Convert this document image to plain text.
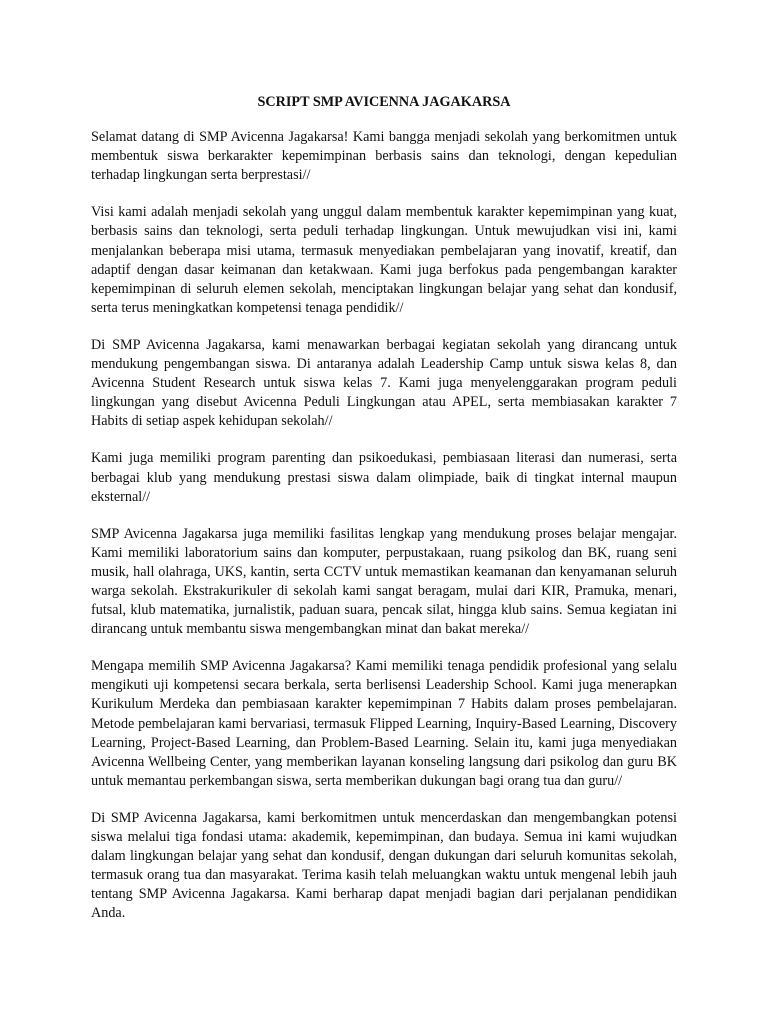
SCRIPT SMP AVICENNA JAGAKARSA

Selamat datang di SMP Avicenna Jagakarsa! Kami bangga menjadi sekolah yang berkomitmen untuk membentuk siswa berkarakter kepemimpinan berbasis sains dan teknologi, dengan kepedulian terhadap lingkungan serta berprestasi//

Visi kami adalah menjadi sekolah yang unggul dalam membentuk karakter kepemimpinan yang kuat, berbasis sains dan teknologi, serta peduli terhadap lingkungan. Untuk mewujudkan visi ini, kami menjalankan beberapa misi utama, termasuk menyediakan pembelajaran yang inovatif, kreatif, dan adaptif dengan dasar keimanan dan ketakwaan. Kami juga berfokus pada pengembangan karakter kepemimpinan di seluruh elemen sekolah, menciptakan lingkungan belajar yang sehat dan kondusif, serta terus meningkatkan kompetensi tenaga pendidik//

Di SMP Avicenna Jagakarsa, kami menawarkan berbagai kegiatan sekolah yang dirancang untuk mendukung pengembangan siswa. Di antaranya adalah Leadership Camp untuk siswa kelas 8, dan Avicenna Student Research untuk siswa kelas 7. Kami juga menyelenggarakan program peduli lingkungan yang disebut Avicenna Peduli Lingkungan atau APEL, serta membiasakan karakter 7 Habits di setiap aspek kehidupan sekolah//

Kami juga memiliki program parenting dan psikoedukasi, pembiasaan literasi dan numerasi, serta berbagai klub yang mendukung prestasi siswa dalam olimpiade, baik di tingkat internal maupun eksternal//

SMP Avicenna Jagakarsa juga memiliki fasilitas lengkap yang mendukung proses belajar mengajar. Kami memiliki laboratorium sains dan komputer, perpustakaan, ruang psikolog dan BK, ruang seni musik, hall olahraga, UKS, kantin, serta CCTV untuk memastikan keamanan dan kenyamanan seluruh warga sekolah. Ekstrakurikuler di sekolah kami sangat beragam, mulai dari KIR, Pramuka, menari, futsal, klub matematika, jurnalistik, paduan suara, pencak silat, hingga klub sains. Semua kegiatan ini dirancang untuk membantu siswa mengembangkan minat dan bakat mereka//

Mengapa memilih SMP Avicenna Jagakarsa? Kami memiliki tenaga pendidik profesional yang selalu mengikuti uji kompetensi secara berkala, serta berlisensi Leadership School. Kami juga menerapkan Kurikulum Merdeka dan pembiasaan karakter kepemimpinan 7 Habits dalam proses pembelajaran. Metode pembelajaran kami bervariasi, termasuk Flipped Learning, Inquiry-Based Learning, Discovery Learning, Project-Based Learning, dan Problem-Based Learning. Selain itu, kami juga menyediakan Avicenna Wellbeing Center, yang memberikan layanan konseling langsung dari psikolog dan guru BK untuk memantau perkembangan siswa, serta memberikan dukungan bagi orang tua dan guru//

Di SMP Avicenna Jagakarsa, kami berkomitmen untuk mencerdaskan dan mengembangkan potensi siswa melalui tiga fondasi utama: akademik, kepemimpinan, dan budaya. Semua ini kami wujudkan dalam lingkungan belajar yang sehat dan kondusif, dengan dukungan dari seluruh komunitas sekolah, termasuk orang tua dan masyarakat. Terima kasih telah meluangkan waktu untuk mengenal lebih jauh tentang SMP Avicenna Jagakarsa. Kami berharap dapat menjadi bagian dari perjalanan pendidikan Anda.
